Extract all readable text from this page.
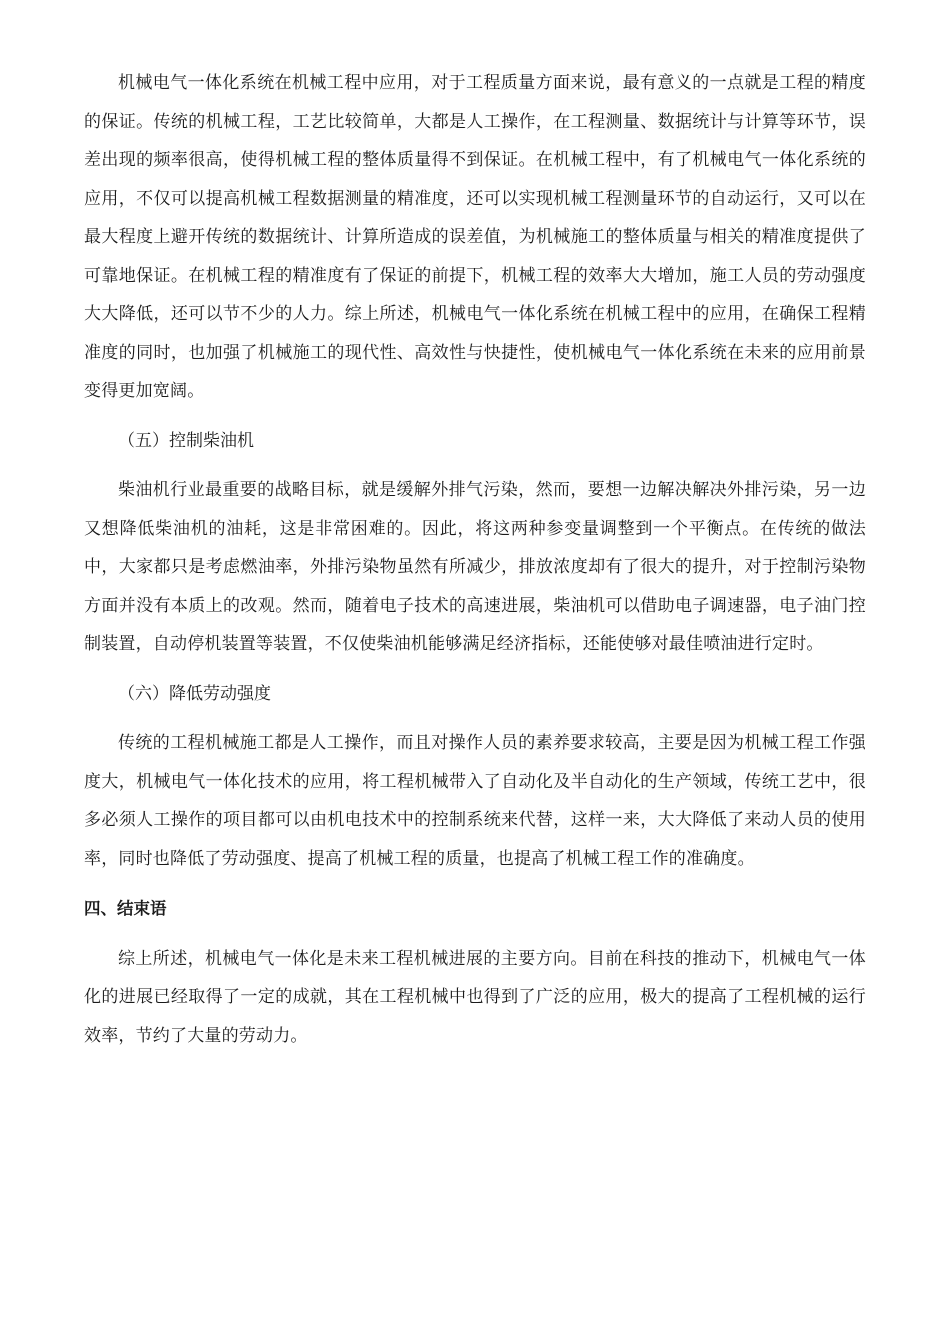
机械电气一体化系统在机械工程中应用，对于工程质量方面来说，最有意义的一点就是工程的精度的保证。传统的机械工程，工艺比较简单，大都是人工操作，在工程测量、数据统计与计算等环节，误差出现的频率很高，使得机械工程的整体质量得不到保证。在机械工程中，有了机械电气一体化系统的应用，不仅可以提高机械工程数据测量的精准度，还可以实现机械工程测量环节的自动运行，又可以在最大程度上避开传统的数据统计、计算所造成的误差值，为机械施工的整体质量与相关的精准度提供了可靠地保证。在机械工程的精准度有了保证的前提下，机械工程的效率大大增加，施工人员的劳动强度大大降低，还可以节不少的人力。综上所述，机械电气一体化系统在机械工程中的应用，在确保工程精准度的同时，也加强了机械施工的现代性、高效性与快捷性，使机械电气一体化系统在未来的应用前景变得更加宽阔。

（五）控制柴油机

柴油机行业最重要的战略目标，就是缓解外排气污染，然而，要想一边解决解决外排污染，另一边又想降低柴油机的油耗，这是非常困难的。因此，将这两种参变量调整到一个平衡点。在传统的做法中，大家都只是考虑燃油率，外排污染物虽然有所减少，排放浓度却有了很大的提升，对于控制污染物方面并没有本质上的改观。然而，随着电子技术的高速进展，柴油机可以借助电子调速器，电子油门控制装置，自动停机装置等装置，不仅使柴油机能够满足经济指标，还能使够对最佳喷油进行定时。

（六）降低劳动强度

传统的工程机械施工都是人工操作，而且对操作人员的素养要求较高，主要是因为机械工程工作强度大，机械电气一体化技术的应用，将工程机械带入了自动化及半自动化的生产领域，传统工艺中，很多必须人工操作的项目都可以由机电技术中的控制系统来代替，这样一来，大大降低了来动人员的使用率，同时也降低了劳动强度、提高了机械工程的质量，也提高了机械工程工作的准确度。

四、结束语

综上所述，机械电气一体化是未来工程机械进展的主要方向。目前在科技的推动下，机械电气一体化的进展已经取得了一定的成就，其在工程机械中也得到了广泛的应用，极大的提高了工程机械的运行效率，节约了大量的劳动力。
